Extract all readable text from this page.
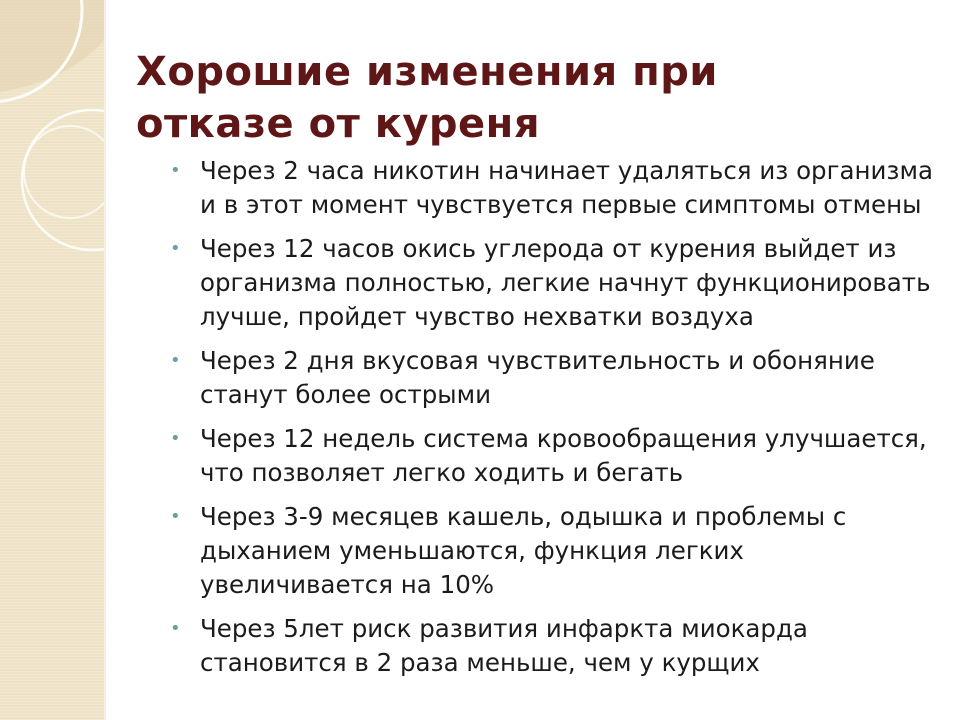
Хорошие изменения при
отказе от куреня
• Через 2 часа никотин начинает удаляться из организма и в этот момент чувствуется первые симптомы отмены
• Через 12 часов окись углерода от курения выйдет из организма полностью, легкие начнут функционировать лучше, пройдет чувство нехватки воздуха
• Через 2 дня вкусовая чувствительность и обоняние станут более острыми
• Через 12 недель система кровообращения улучшается, что позволяет легко ходить и бегать
• Через 3-9 месяцев кашель, одышка и проблемы с дыханием уменьшаются, функция легких увеличивается на 10%
• Через 5лет риск развития инфаркта миокарда становится в 2 раза меньше, чем у курщих
